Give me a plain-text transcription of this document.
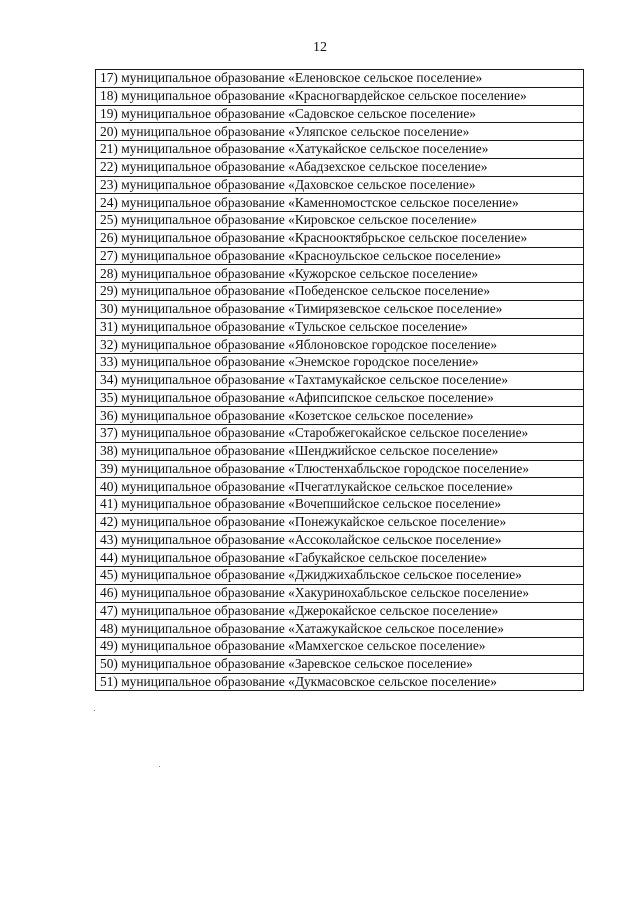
12
17) муниципальное образование «Еленовское сельское поселение»
18) муниципальное образование «Красногвардейское сельское поселение»
19) муниципальное образование «Садовское сельское поселение»
20) муниципальное образование «Уляпское сельское поселение»
21) муниципальное образование «Хатукайское сельское поселение»
22) муниципальное образование «Абадзехское сельское поселение»
23) муниципальное образование «Даховское сельское поселение»
24) муниципальное образование «Каменномостское сельское поселение»
25) муниципальное образование «Кировское сельское поселение»
26) муниципальное образование «Краснооктябрьское сельское поселение»
27) муниципальное образование «Красноульское сельское поселение»
28) муниципальное образование «Кужорское сельское поселение»
29) муниципальное образование «Победенское сельское поселение»
30) муниципальное образование «Тимирязевское сельское поселение»
31) муниципальное образование «Тульское сельское поселение»
32) муниципальное образование «Яблоновское городское поселение»
33) муниципальное образование «Энемское городское поселение»
34) муниципальное образование «Тахтамукайское сельское поселение»
35) муниципальное образование «Афипсипское сельское поселение»
36) муниципальное образование «Козетское сельское поселение»
37) муниципальное образование «Старобжегокайское сельское поселение»
38) муниципальное образование «Шенджийское сельское поселение»
39) муниципальное образование «Тлюстенхабльское городское поселение»
40) муниципальное образование «Пчегатлукайское сельское поселение»
41) муниципальное образование «Вочепшийское сельское поселение»
42) муниципальное образование «Понежукайское сельское поселение»
43) муниципальное образование «Ассоколайское сельское поселение»
44) муниципальное образование «Габукайское сельское поселение»
45) муниципальное образование «Джиджихабльское сельское поселение»
46) муниципальное образование «Хакуринохабльское сельское поселение»
47) муниципальное образование «Джерокайское сельское поселение»
48) муниципальное образование «Хатажукайское сельское поселение»
49) муниципальное образование «Мамхегское сельское поселение»
50) муниципальное образование «Заревское сельское поселение»
51) муниципальное образование «Дукмасовское сельское поселение»
